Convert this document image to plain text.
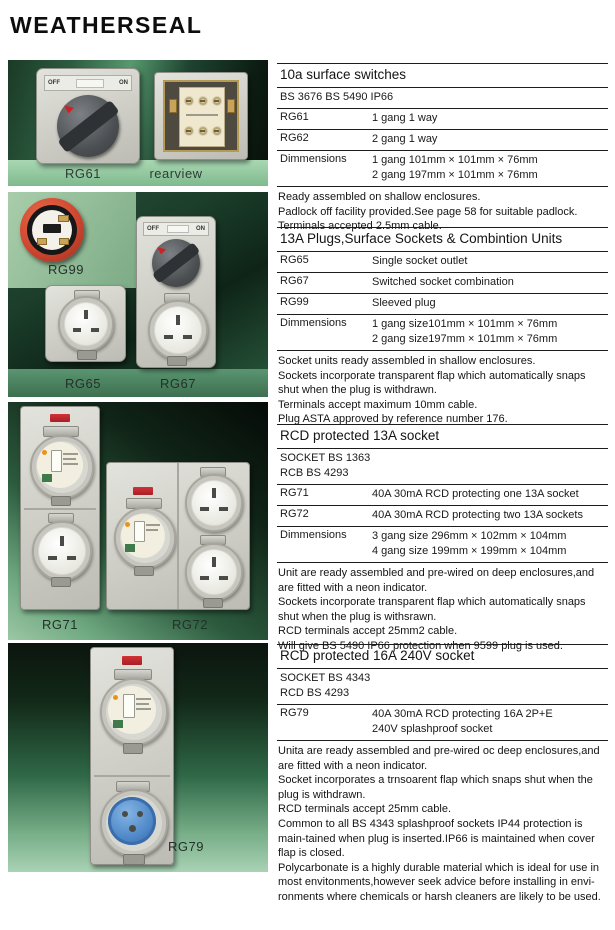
WEATHERSEAL
OFF	ON
RG61	rearview
RG99
OFF	ON
RG65	RG67
RG71	RG72
RG79
10a surface switches
BS 3676 BS 5490 IP66
RG61	1 gang 1 way
RG62	2 gang 1 way
Dimmensions	1 gang 101mm × 101mm × 76mm
2 gang 197mm × 101mm × 76mm
Ready assembled on shallow enclosures.
Padlock off facility provided.See page 58 for suitable padlock.
Terminals accepted 2.5mm cable.
13A Plugs,Surface Sockets & Combintion Units
RG65	Single socket outlet
RG67	Switched socket combination
RG99	Sleeved plug
Dimmensions	1 gang size101mm × 101mm × 76mm
2 gang size197mm × 101mm × 76mm
Socket units ready assembled in shallow enclosures.
Sockets incorporate transparent flap which automatically snaps shut when the plug is withdrawn.
Terminals accept maximum 10mm cable.
Plug ASTA approved by reference number 176.
RCD protected 13A socket
SOCKET BS 1363
RCB BS 4293
RG71	40A 30mA RCD protecting one 13A socket
RG72	40A 30mA RCD protecting two 13A sockets
Dimmensions	3 gang size 296mm × 102mm × 104mm
4 gang size 199mm × 199mm × 104mm
Unit are ready assembled and pre-wired on deep enclosures,and are fitted with a neon indicator.
Sockets incorporate transparent flap which automatically snaps shut when the plug is withsrawn.
RCD terminals accept 25mm2 cable.
Will give BS 5490 IP66 protection when 9599 plug is used.
RCD protected 16A 240V socket
SOCKET BS 4343
RCD BS 4293
RG79	40A 30mA RCD protecting 16A 2P+E
240V splashproof socket
Unita are ready assembled and pre-wired oc deep enclosures,and are fitted with a neon indicator.
Socket incorporates a trnsoarent flap which snaps shut when the plug is withdrawn.
RCD terminals accept 25mm cable.
Common to all BS 4343 splashproof sockets IP44 protection is main-tained when plug is inserted.IP66 is maintained when cover flap is closed.
Polycarbonate is a highly durable material which is ideal for use in most envitonments,however seek advice before installing in envi-ronments where chemicals or harsh cleaners are likely to be used.
